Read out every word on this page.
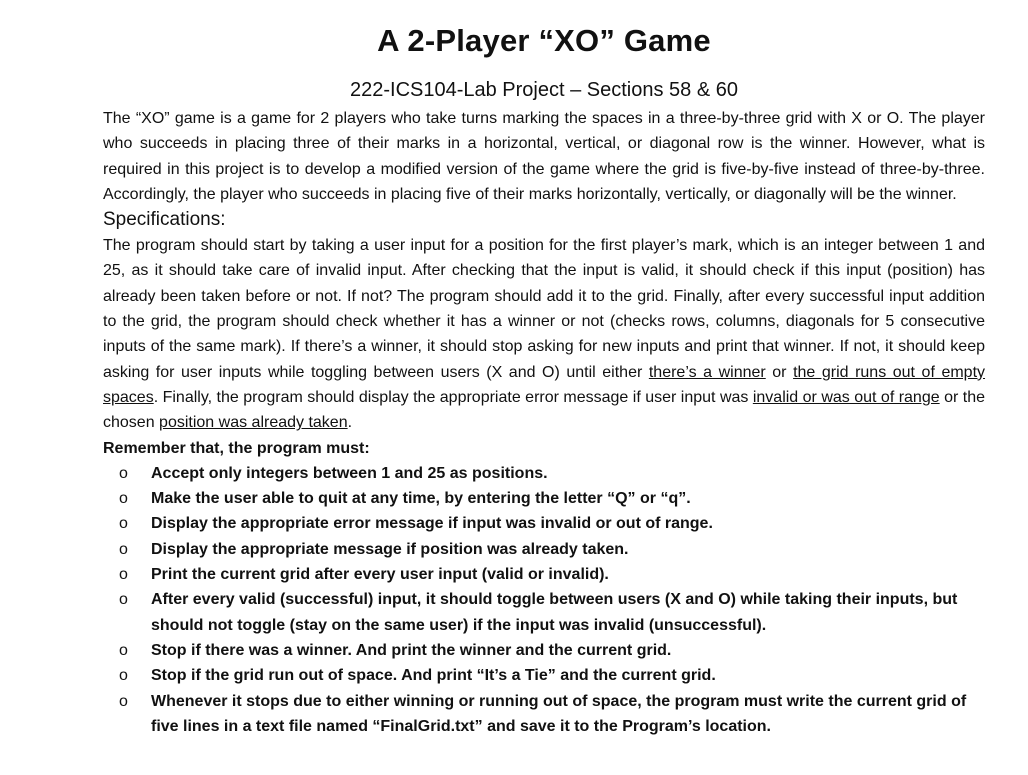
A 2-Player “XO” Game
222-ICS104-Lab Project – Sections 58 & 60

The “XO” game is a game for 2 players who take turns marking the spaces in a three-by-three grid with X or O. The player who succeeds in placing three of their marks in a horizontal, vertical, or diagonal row is the winner. However, what is required in this project is to develop a modified version of the game where the grid is five-by-five instead of three-by-three. Accordingly, the player who succeeds in placing five of their marks horizontally, vertically, or diagonally will be the winner.

Specifications:

The program should start by taking a user input for a position for the first player’s mark, which is an integer between 1 and 25, as it should take care of invalid input. After checking that the input is valid, it should check if this input (position) has already been taken before or not. If not? The program should add it to the grid. Finally, after every successful input addition to the grid, the program should check whether it has a winner or not (checks rows, columns, diagonals for 5 consecutive inputs of the same mark). If there’s a winner, it should stop asking for new inputs and print that winner. If not, it should keep asking for user inputs while toggling between users (X and O) until either there’s a winner or the grid runs out of empty spaces. Finally, the program should display the appropriate error message if user input was invalid or was out of range or the chosen position was already taken.

Remember that, the program must:
o Accept only integers between 1 and 25 as positions.
o Make the user able to quit at any time, by entering the letter “Q” or “q”.
o Display the appropriate error message if input was invalid or out of range.
o Display the appropriate message if position was already taken.
o Print the current grid after every user input (valid or invalid).
o After every valid (successful) input, it should toggle between users (X and O) while taking their inputs, but should not toggle (stay on the same user) if the input was invalid (unsuccessful).
o Stop if there was a winner. And print the winner and the current grid.
o Stop if the grid run out of space. And print “It’s a Tie” and the current grid.
o Whenever it stops due to either winning or running out of space, the program must write the current grid of five lines in a text file named “FinalGrid.txt” and save it to the Program’s location.
